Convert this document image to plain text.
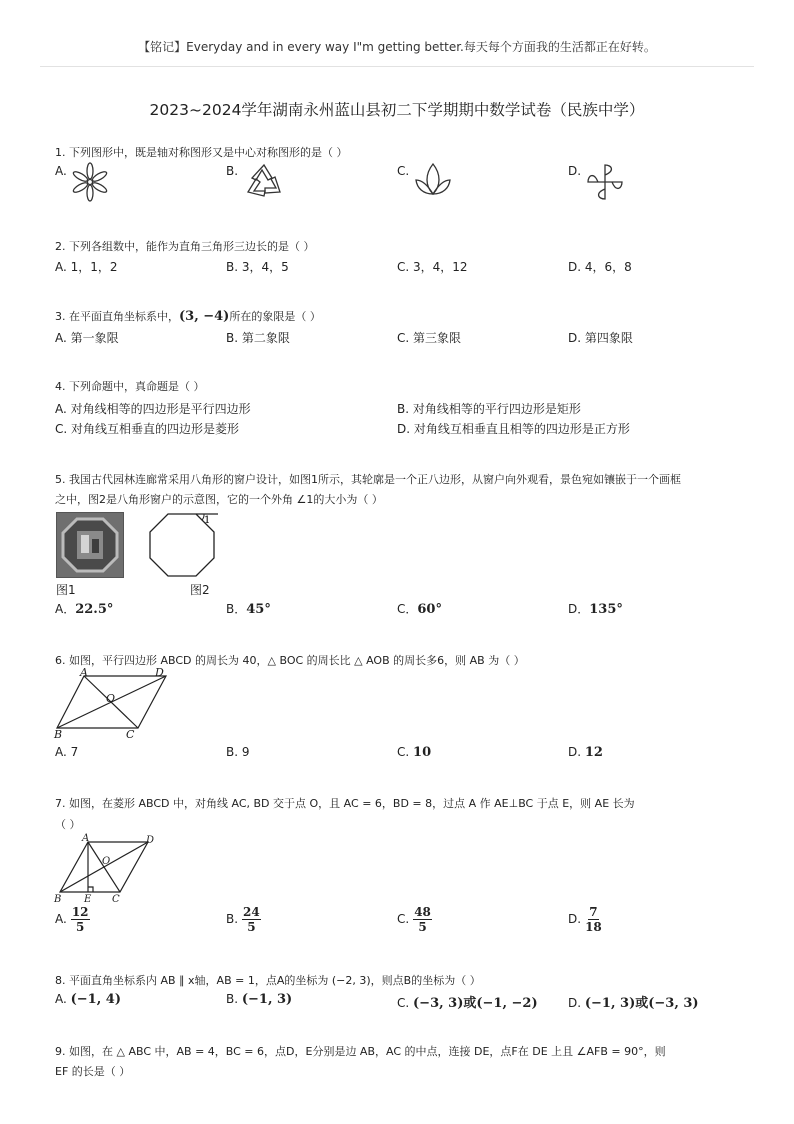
【铭记】Everyday and in every way I"m getting better.每天每个方面我的生活都正在好转。
2023~2024学年湖南永州蓝山县初二下学期期中数学试卷（民族中学）
1. 下列图形中，既是轴对称图形又是中心对称图形的是（ ）
A.	B.	C.	D.
2. 下列各组数中，能作为直角三角形三边长的是（ ）
A. 1，1，2	B. 3，4，5	C. 3，4，12	D. 4，6，8
3. 在平面直角坐标系中，(3, −4)所在的象限是（ ）
A. 第一象限	B. 第二象限	C. 第三象限	D. 第四象限
4. 下列命题中，真命题是（ ）
A. 对角线相等的四边形是平行四边形	B. 对角线相等的平行四边形是矩形
C. 对角线互相垂直的四边形是菱形	D. 对角线互相垂直且相等的四边形是正方形
5. 我国古代园林连廊常采用八角形的窗户设计，如图1所示，其轮廓是一个正八边形，从窗户向外观看，景色宛如镶嵌于一个画框
之中，图2是八角形窗户的示意图，它的一个外角 ∠1的大小为（ ）
1
图1	图2
A．22.5°	B．45°	C．60°	D．135°
6. 如图，平行四边形 ABCD 的周长为 40，△ BOC 的周长比 △ AOB 的周长多6，则 AB 为（ ）
A	D
O
B	C
A. 7	B. 9	C. 10	D. 12
7. 如图，在菱形 ABCD 中，对角线 AC, BD 交于点 O，且 AC = 6，BD = 8，过点 A 作 AE⊥BC 于点 E，则 AE 长为
（ ）
A	D
O
B E C
A. $\frac{12}{5}$	B. $\frac{24}{5}$	C. $\frac{48}{5}$	D. $\frac{7}{18}$
8. 平面直角坐标系内 AB ∥ x轴，AB = 1，点A的坐标为 (−2, 3)，则点B的坐标为（ ）
A. (−1, 4)	B. (−1, 3)	C. (−3, 3)或(−1, −2)	D. (−1, 3)或(−3, 3)
9. 如图，在 △ ABC 中，AB = 4，BC = 6，点D，E分别是边 AB，AC 的中点，连接 DE，点F在 DE 上且 ∠AFB = 90°，则
EF 的长是（ ）
